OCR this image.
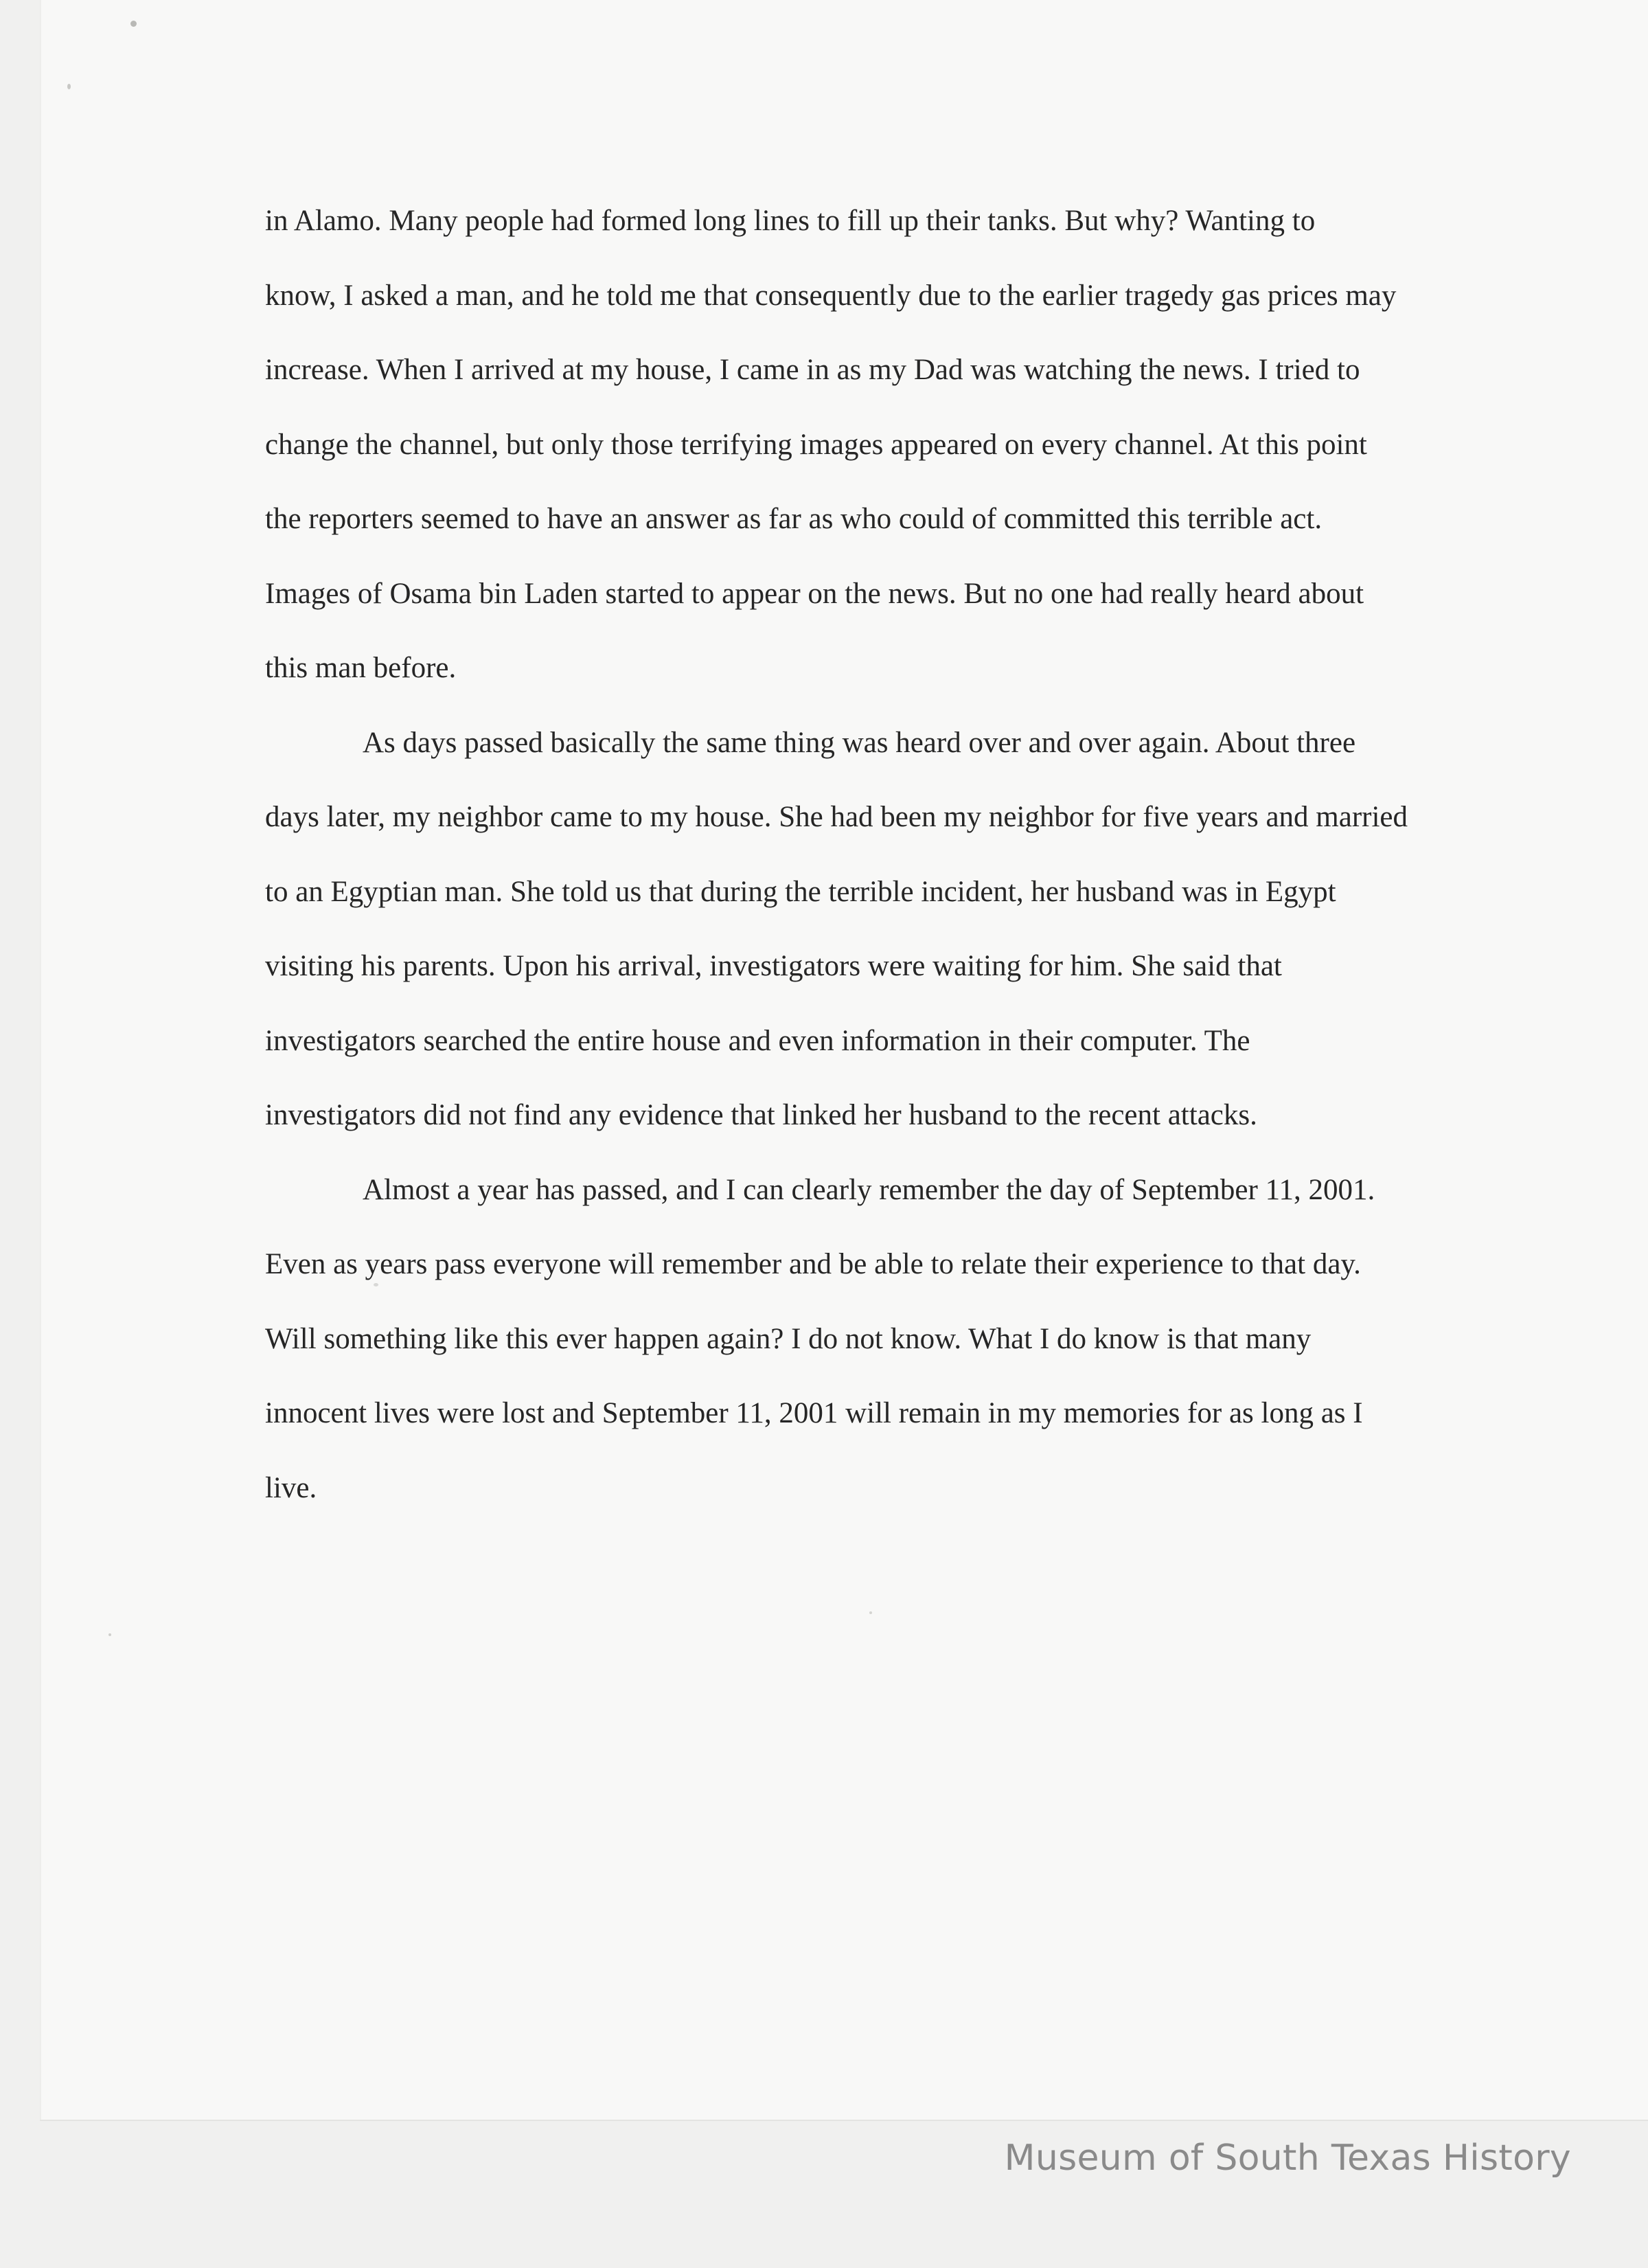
in Alamo. Many people had formed long lines to fill up their tanks. But why? Wanting to
know, I asked a man, and he told me that consequently due to the earlier tragedy gas prices may
increase. When I arrived at my house, I came in as my Dad was watching the news. I tried to
change the channel, but only those terrifying images appeared on every channel. At this point
the reporters seemed to have an answer as far as who could of committed this terrible act.
Images of Osama bin Laden started to appear on the news. But no one had really heard about
this man before.

As days passed basically the same thing was heard over and over again. About three
days later, my neighbor came to my house. She had been my neighbor for five years and married
to an Egyptian man. She told us that during the terrible incident, her husband was in Egypt
visiting his parents. Upon his arrival, investigators were waiting for him. She said that
investigators searched the entire house and even information in their computer. The
investigators did not find any evidence that linked her husband to the recent attacks.

Almost a year has passed, and I can clearly remember the day of September 11, 2001.
Even as years pass everyone will remember and be able to relate their experience to that day.
Will something like this ever happen again? I do not know. What I do know is that many
innocent lives were lost and September 11, 2001 will remain in my memories for as long as I
live.

Museum of South Texas History
